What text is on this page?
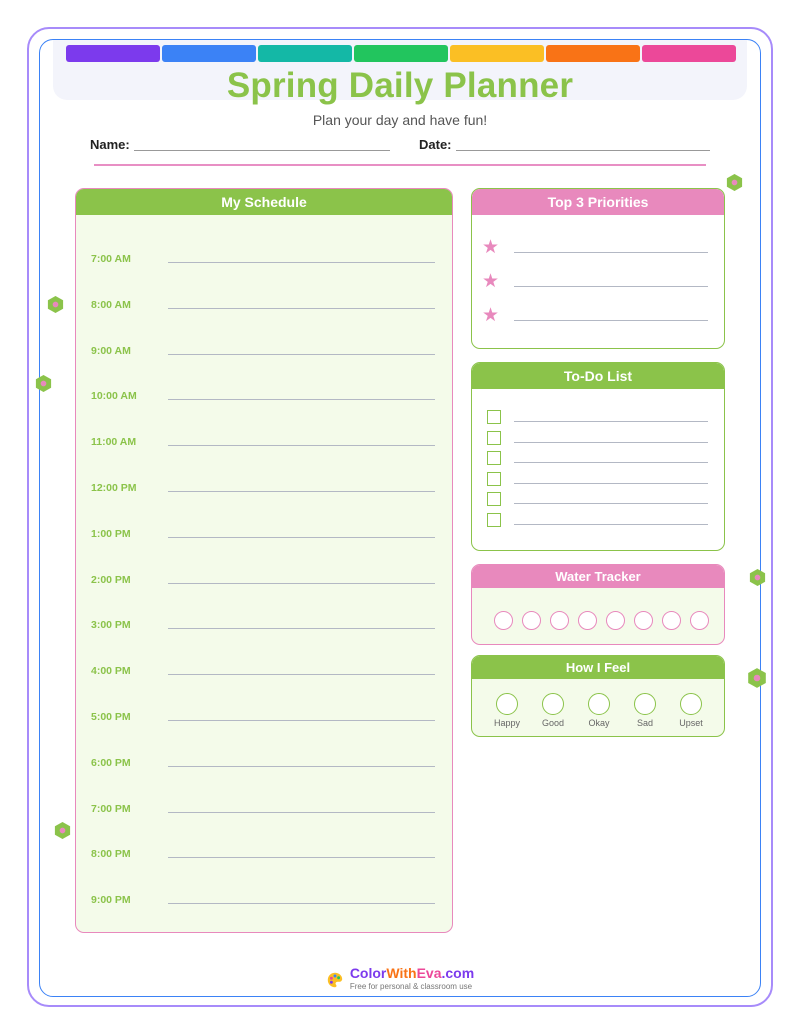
Spring Daily Planner
Plan your day and have fun!
Name:	Date:
My Schedule
7:00 AM
8:00 AM
9:00 AM
10:00 AM
11:00 AM
12:00 PM
1:00 PM
2:00 PM
3:00 PM
4:00 PM
5:00 PM
6:00 PM
7:00 PM
8:00 PM
9:00 PM
Top 3 Priorities
★
★
★
To-Do List
Water Tracker
How I Feel
Happy	Good	Okay	Sad	Upset
ColorWithEva.com
Free for personal & classroom use
